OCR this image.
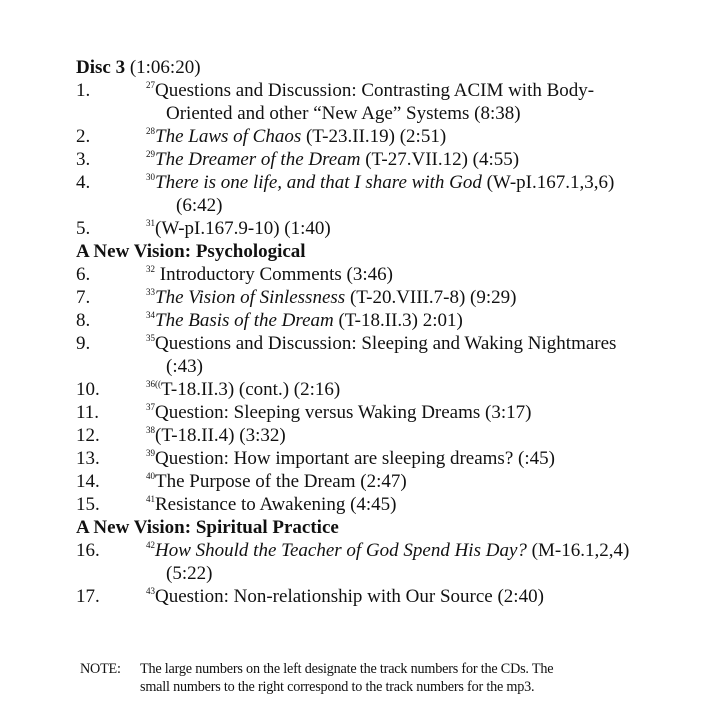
Disc 3 (1:06:20)
1.	$^{27}$Questions and Discussion: Contrasting ACIM with Body-
Oriented and other “New Age” Systems (8:38)
2.	$^{28}$The Laws of Chaos (T-23.II.19) (2:51)
3.	$^{29}$The Dreamer of the Dream (T-27.VII.12) (4:55)
4.	$^{30}$There is one life, and that I share with God (W-pI.167.1,3,6)
(6:42)
5.	$^{31}$(W-pI.167.9-10) (1:40)
A New Vision: Psychological
6.	$^{32}$ Introductory Comments (3:46)
7.	$^{33}$The Vision of Sinlessness (T-20.VIII.7-8) (9:29)
8.	$^{34}$The Basis of the Dream (T-18.II.3) 2:01)
9.	$^{35}$Questions and Discussion: Sleeping and Waking Nightmares
(:43)
10.	$^{36((}$T-18.II.3) (cont.) (2:16)
11.	$^{37}$Question: Sleeping versus Waking Dreams (3:17)
12.	$^{38}$(T-18.II.4) (3:32)
13.	$^{39}$Question: How important are sleeping dreams? (:45)
14.	$^{40}$The Purpose of the Dream (2:47)
15.	$^{41}$Resistance to Awakening (4:45)
A New Vision: Spiritual Practice
16.	$^{42}$How Should the Teacher of God Spend His Day? (M-16.1,2,4)
(5:22)
17.	$^{43}$Question: Non-relationship with Our Source (2:40)
NOTE: The large numbers on the left designate the track numbers for the CDs. The
small numbers to the right correspond to the track numbers for the mp3.
